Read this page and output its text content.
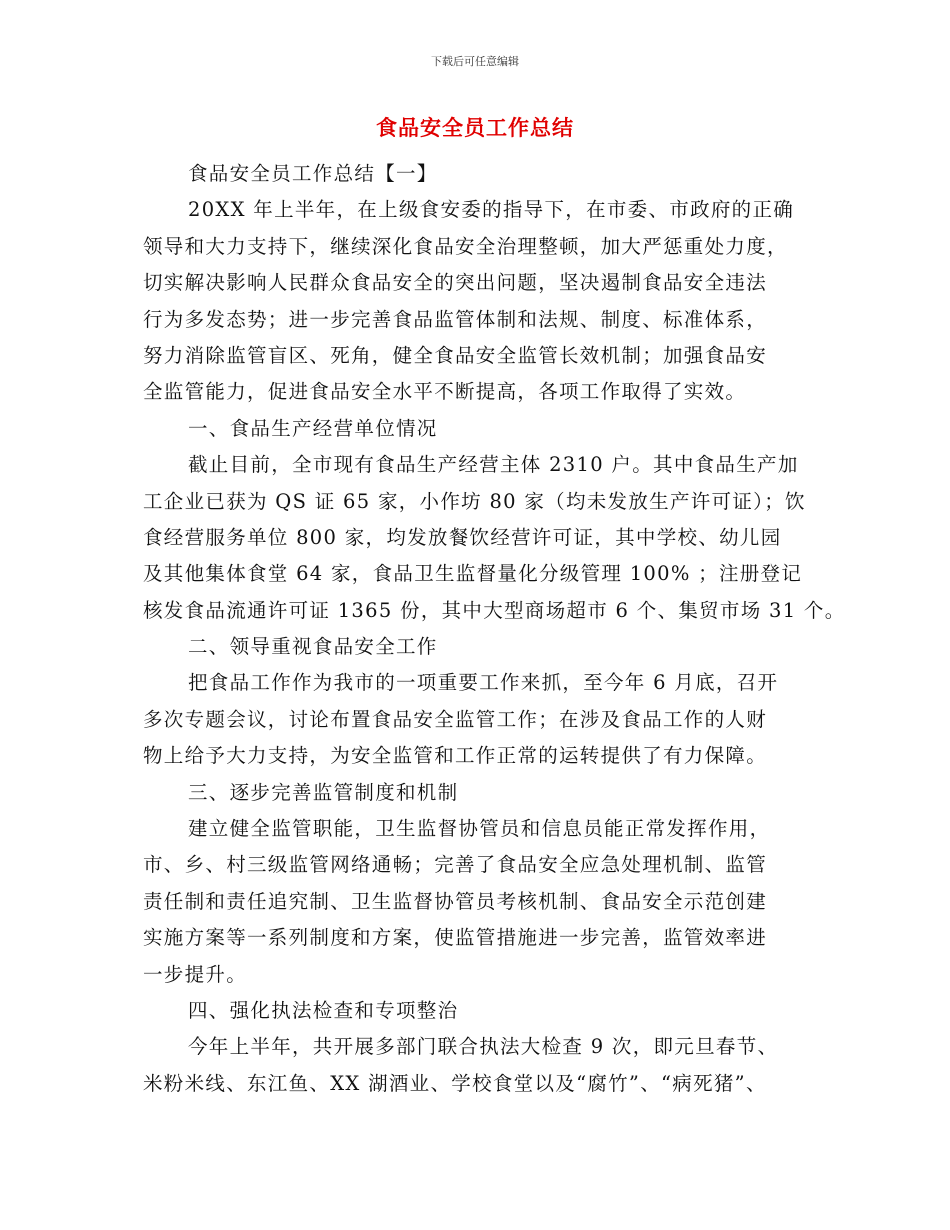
下载后可任意编辑
食品安全员工作总结
食品安全员工作总结【一】
20XX 年上半年，在上级食安委的指导下，在市委、市政府的正确
领导和大力支持下，继续深化食品安全治理整顿，加大严惩重处力度，
切实解决影响人民群众食品安全的突出问题，坚决遏制食品安全违法
行为多发态势；进一步完善食品监管体制和法规、制度、标准体系，
努力消除监管盲区、死角，健全食品安全监管长效机制；加强食品安
全监管能力，促进食品安全水平不断提高，各项工作取得了实效。
一、食品生产经营单位情况
截止目前，全市现有食品生产经营主体 2310 户。其中食品生产加
工企业已获为 QS 证 65 家，小作坊 80 家（均未发放生产许可证）；饮
食经营服务单位 800 家，均发放餐饮经营许可证，其中学校、幼儿园
及其他集体食堂 64 家，食品卫生监督量化分级管理 100% ；注册登记
核发食品流通许可证 1365 份，其中大型商场超市 6 个、集贸市场 31 个。
二、领导重视食品安全工作
把食品工作作为我市的一项重要工作来抓，至今年 6 月底，召开
多次专题会议，讨论布置食品安全监管工作；在涉及食品工作的人财
物上给予大力支持，为安全监管和工作正常的运转提供了有力保障。
三、逐步完善监管制度和机制
建立健全监管职能，卫生监督协管员和信息员能正常发挥作用，
市、乡、村三级监管网络通畅；完善了食品安全应急处理机制、监管
责任制和责任追究制、卫生监督协管员考核机制、食品安全示范创建
实施方案等一系列制度和方案，使监管措施进一步完善，监管效率进
一步提升。
四、强化执法检查和专项整治
今年上半年，共开展多部门联合执法大检查 9 次，即元旦春节、
米粉米线、东江鱼、XX 湖酒业、学校食堂以及“腐竹”、“病死猪”、
